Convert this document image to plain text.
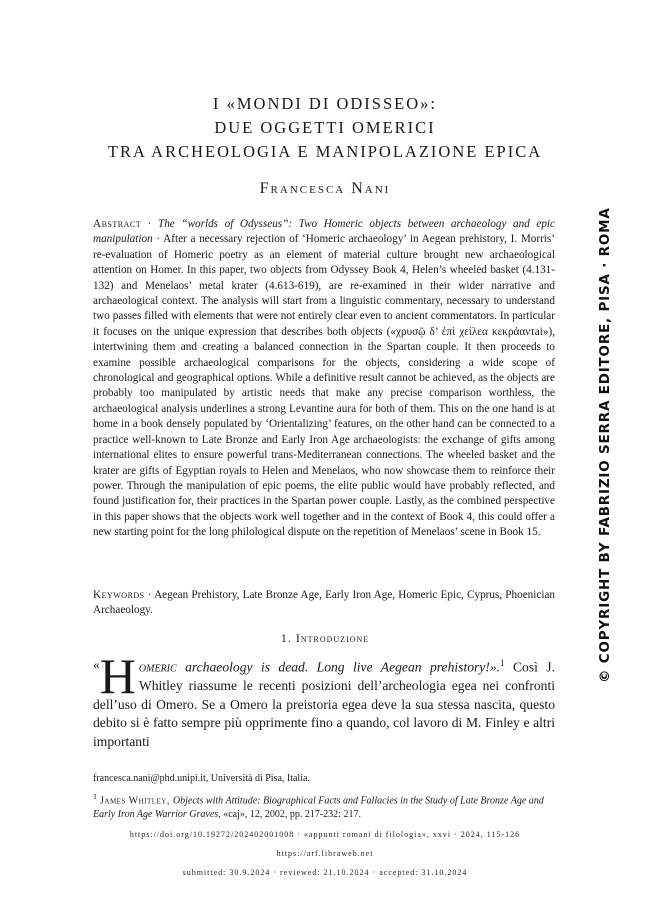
I «MONDI DI ODISSEO»:
DUE OGGETTI OMERICI
TRA ARCHEOLOGIA E MANIPOLAZIONE EPICA
Francesca Nani
Abstract · The “worlds of Odysseus”: Two Homeric objects between archaeology and epic manipulation · After a necessary rejection of ‘Homeric archaeology’ in Aegean prehistory, I. Morris’ re-evaluation of Homeric poetry as an element of material culture brought new archaeological attention on Homer. In this paper, two objects from Odyssey Book 4, Helen’s wheeled basket (4.131-132) and Menelaos’ metal krater (4.613-619), are re-examined in their wider narrative and archaeological context. The analysis will start from a linguistic commentary, necessary to understand two passes filled with elements that were not entirely clear even to ancient commentators. In particular it focuses on the unique expression that describes both objects («χρυσῷ δ’ ἐπὶ χείλεα κεκράαντai»), intertwining them and creating a balanced connection in the Spartan couple. It then proceeds to examine possible archaeological comparisons for the objects, considering a wide scope of chronological and geographical options. While a definitive result cannot be achieved, as the objects are probably too manipulated by artistic needs that make any precise comparison worthless, the archaeological analysis underlines a strong Levantine aura for both of them. This on the one hand is at home in a book densely populated by ‘Orientalizing’ features, on the other hand can be connected to a practice well-known to Late Bronze and Early Iron Age archaeologists: the exchange of gifts among international elites to ensure powerful trans-Mediterranean connections. The wheeled basket and the krater are gifts of Egyptian royals to Helen and Menelaos, who now showcase them to reinforce their power. Through the manipulation of epic poems, the elite public would have probably reflected, and found justification for, their practices in the Spartan power couple. Lastly, as the combined perspective in this paper shows that the objects work well together and in the context of Book 4, this could offer a new starting point for the long philological dispute on the repetition of Menelaos’ scene in Book 15.
Keywords · Aegean Prehistory, Late Bronze Age, Early Iron Age, Homeric Epic, Cyprus, Phoenician Archaeology.
1. Introduzione
« H omeric archaeology is dead. Long live Aegean prehistory!».$^1$ Così J. Whitley riassume le recenti posizioni dell’archeologia egea nei confronti dell’uso di Omero. Se a Omero la preistoria egea deve la sua stessa nascita, questo debito si è fatto sempre più opprimente fino a quando, col lavoro di M. Finley e altri importanti
francesca.nani@phd.unipi.it, Università di Pisa, Italia.
$^1$ James Whitley, Objects with Attitude: Biographical Facts and Fallacies in the Study of Late Bronze Age and Early Iron Age Warrior Graves, «caj», 12, 2002, pp. 217-232: 217.
https://doi.org/10.19272/202402001008 · «appunti romani di filologia», xxvi · 2024, 115-126
https://arf.libraweb.net
submitted: 30.9.2024 · reviewed: 21.10.2024 · accepted: 31.10.2024
© COPYRIGHT BY FABRIZIO SERRA EDITORE, PISA · ROMA
